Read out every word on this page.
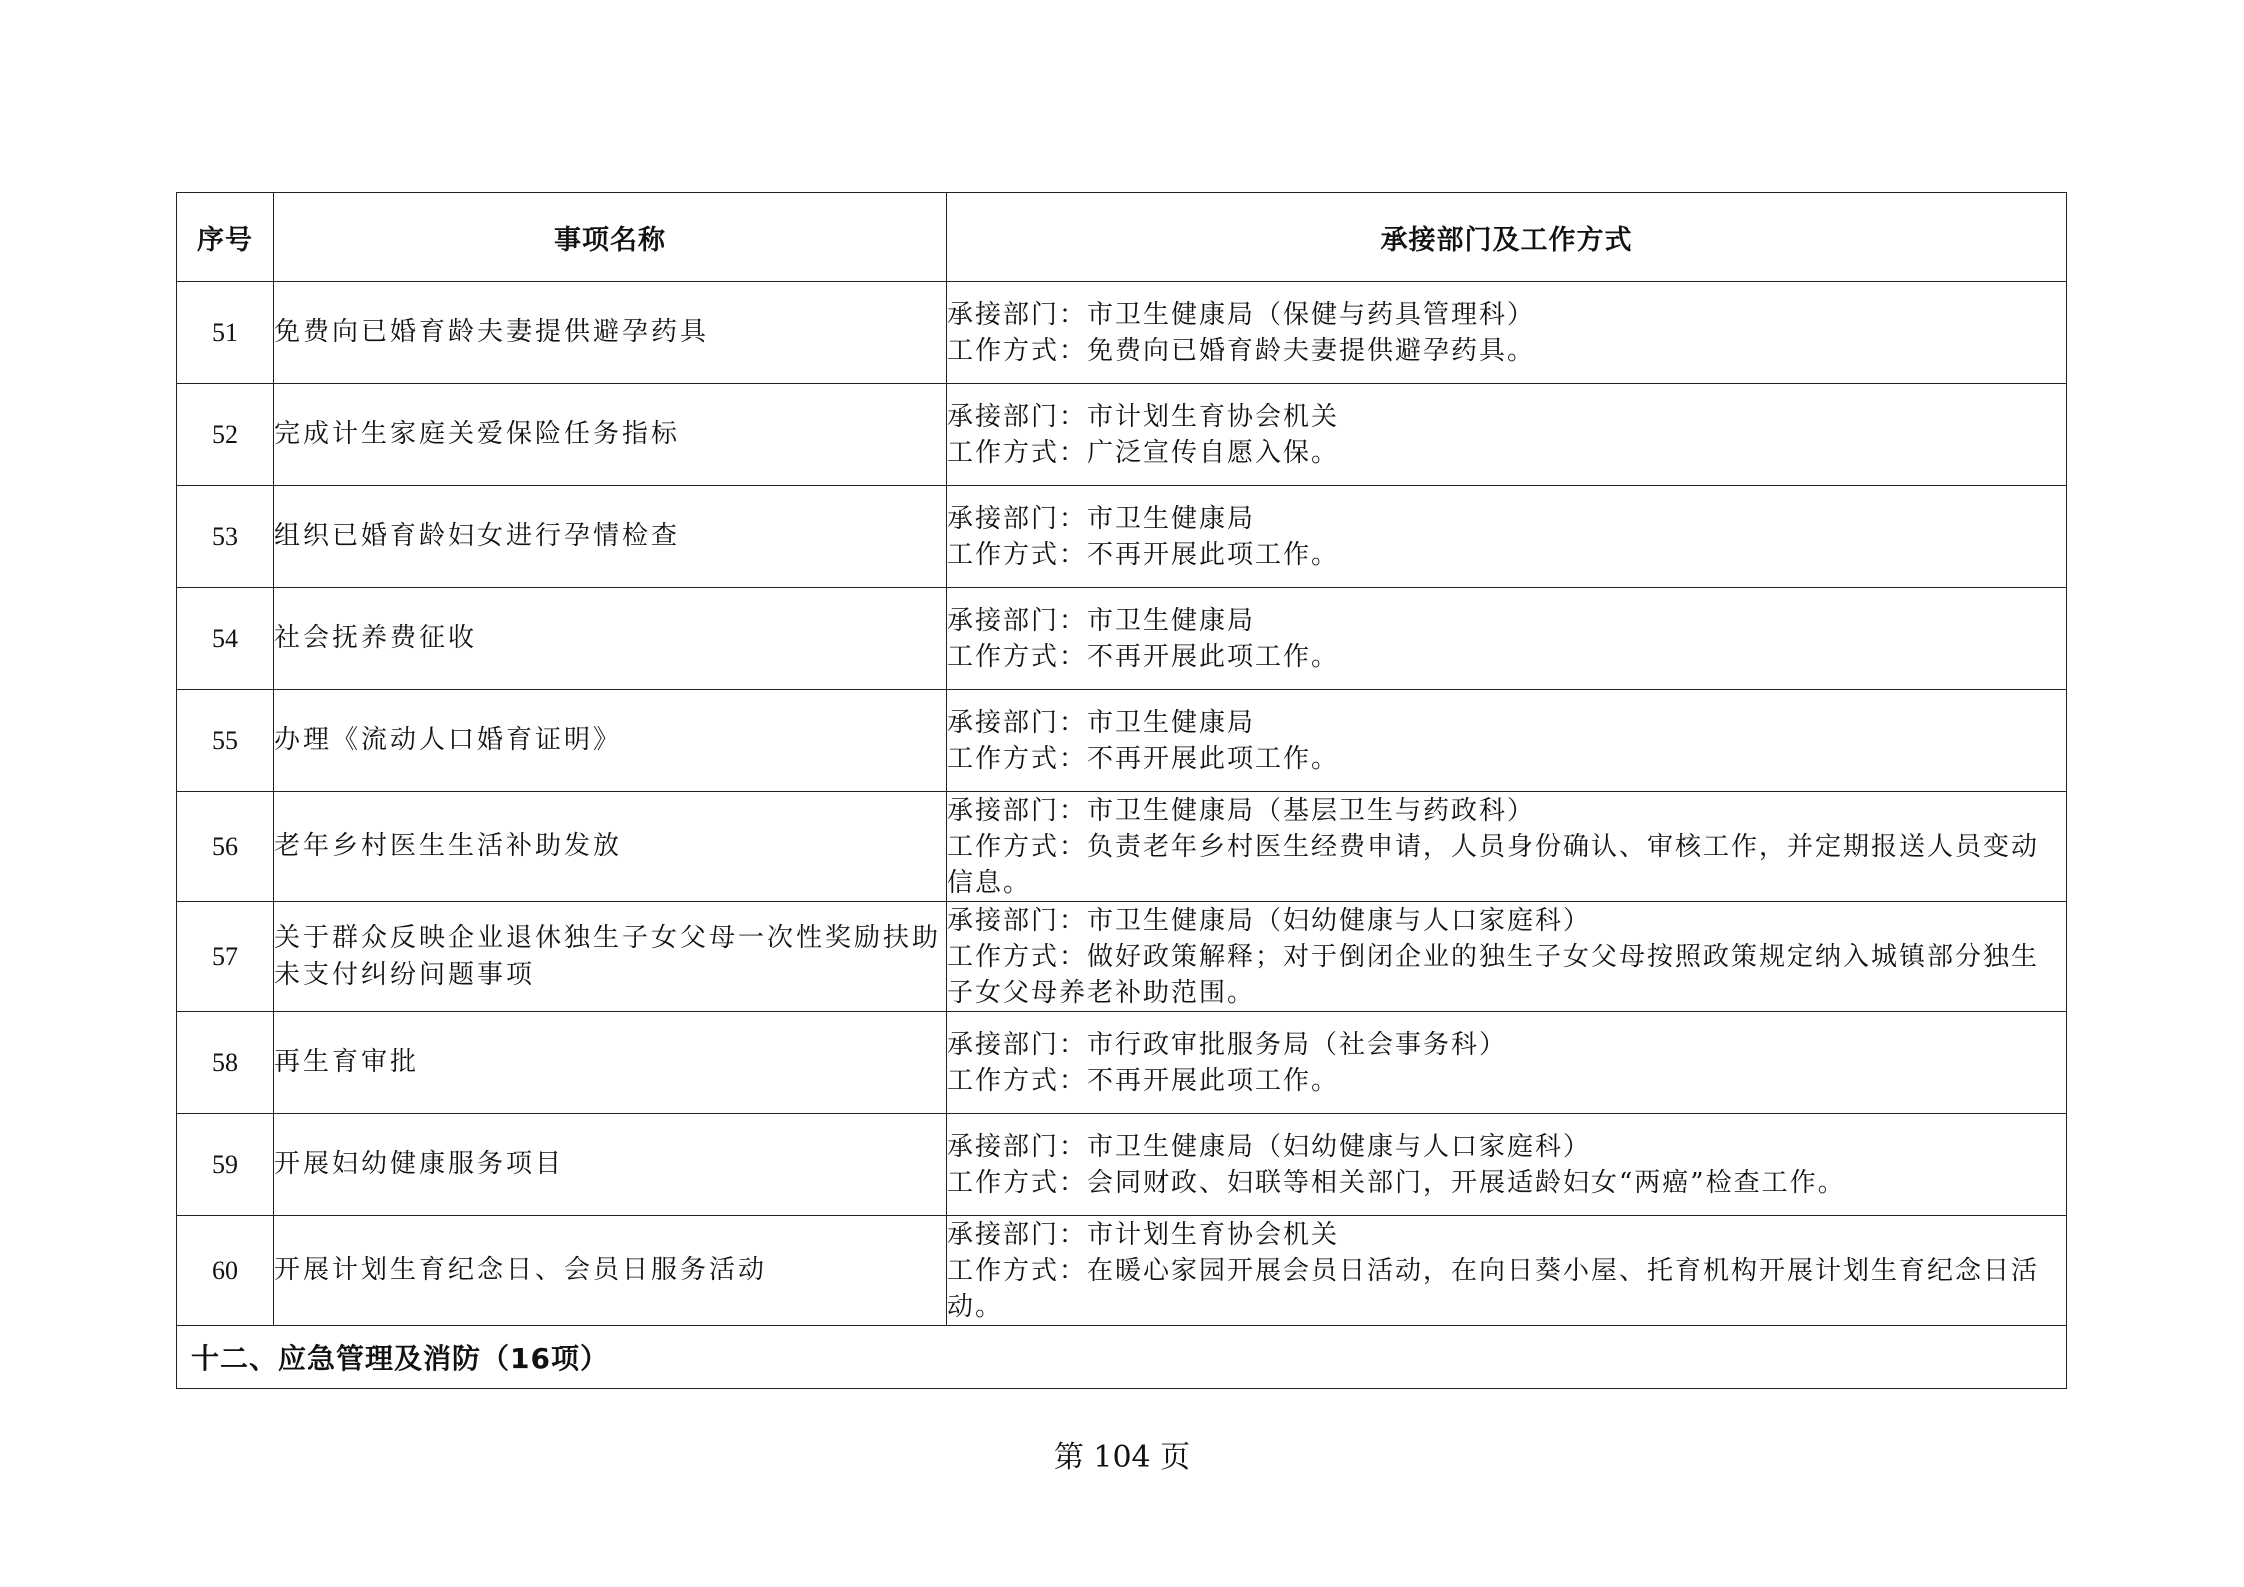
序号	事项名称	承接部门及工作方式
51	免费向已婚育龄夫妻提供避孕药具	承接部门：市卫生健康局（保健与药具管理科）
工作方式：免费向已婚育龄夫妻提供避孕药具。

52	完成计生家庭关爱保险任务指标	承接部门：市计划生育协会机关
工作方式：广泛宣传自愿入保。

53	组织已婚育龄妇女进行孕情检查	承接部门：市卫生健康局
工作方式：不再开展此项工作。

54	社会抚养费征收	承接部门：市卫生健康局
工作方式：不再开展此项工作。

55	办理《流动人口婚育证明》	承接部门：市卫生健康局
工作方式：不再开展此项工作。

56	老年乡村医生生活补助发放	承接部门：市卫生健康局（基层卫生与药政科）
工作方式：负责老年乡村医生经费申请，人员身份确认、审核工作，并定期报送人员变动信息。

57	关于群众反映企业退休独生子女父母一次性奖励扶助未支付纠纷问题事项	承接部门：市卫生健康局（妇幼健康与人口家庭科）
工作方式：做好政策解释；对于倒闭企业的独生子女父母按照政策规定纳入城镇部分独生子女父母养老补助范围。

58	再生育审批	承接部门：市行政审批服务局（社会事务科）
工作方式：不再开展此项工作。

59	开展妇幼健康服务项目	承接部门：市卫生健康局（妇幼健康与人口家庭科）
工作方式：会同财政、妇联等相关部门，开展适龄妇女“两癌”检查工作。

60	开展计划生育纪念日、会员日服务活动	承接部门：市计划生育协会机关
工作方式：在暖心家园开展会员日活动，在向日葵小屋、托育机构开展计划生育纪念日活动。

十二、应急管理及消防（16项）		
第 104 页
